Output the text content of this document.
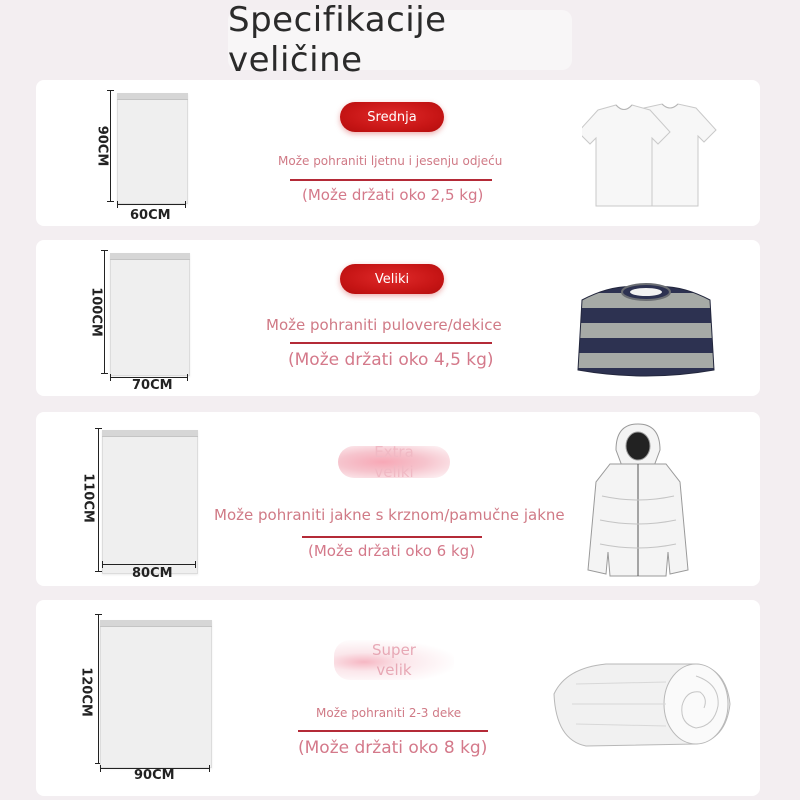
Specifikacije veličine
90CM
60CM
Srednja
Može pohraniti ljetnu i jesenju odjeću
(Može držati oko 2,5 kg)
100CM
70CM
Veliki
Može pohraniti pulovere/dekice
(Može držati oko 4,5 kg)
110CM
80CM
Extra
veliki
Može pohraniti jakne s krznom/pamučne jakne
(Može držati oko 6 kg)
120CM
90CM
Super
velik
Može pohraniti 2-3 deke
(Može držati oko 8 kg)
